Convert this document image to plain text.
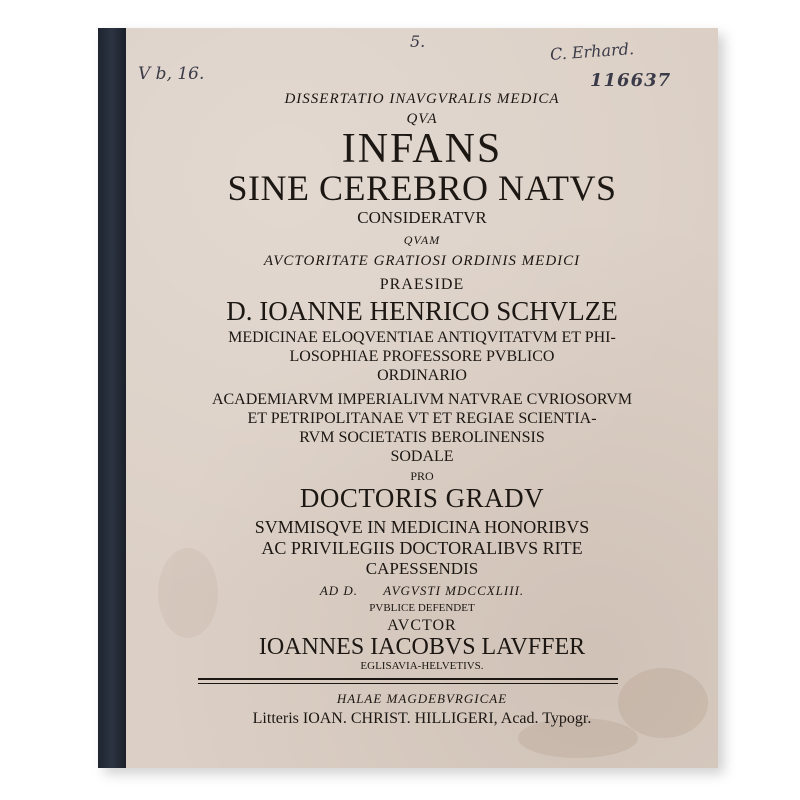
5.
V b, 16.
C. Erhard.
116637
DISSERTATIO INAVGVRALIS MEDICA
QVA
INFANS
SINE CEREBRO NATVS
CONSIDERATVR
QVAM
AVCTORITATE GRATIOSI ORDINIS MEDICI
PRAESIDE
D. IOANNE HENRICO SCHVLZE
MEDICINAE ELOQVENTIAE ANTIQVITATVM ET PHI-
LOSOPHIAE PROFESSORE PVBLICO
ORDINARIO
ACADEMIARVM IMPERIALIVM NATVRAE CVRIOSORVM
ET PETRIPOLITANAE VT ET REGIAE SCIENTIA-
RVM SOCIETATIS BEROLINENSIS
SODALE
PRO
DOCTORIS GRADV
SVMMISQVE IN MEDICINA HONORIBVS
AC PRIVILEGIIS DOCTORALIBVS RITE
CAPESSENDIS
AD D.      AVGVSTI MDCCXLIII.
PVBLICE DEFENDET
AVCTOR
IOANNES IACOBVS LAVFFER
EGLISAVIA-HELVETIVS.
HALAE MAGDEBVRGICAE
Litteris IOAN. CHRIST. HILLIGERI, Acad. Typogr.
